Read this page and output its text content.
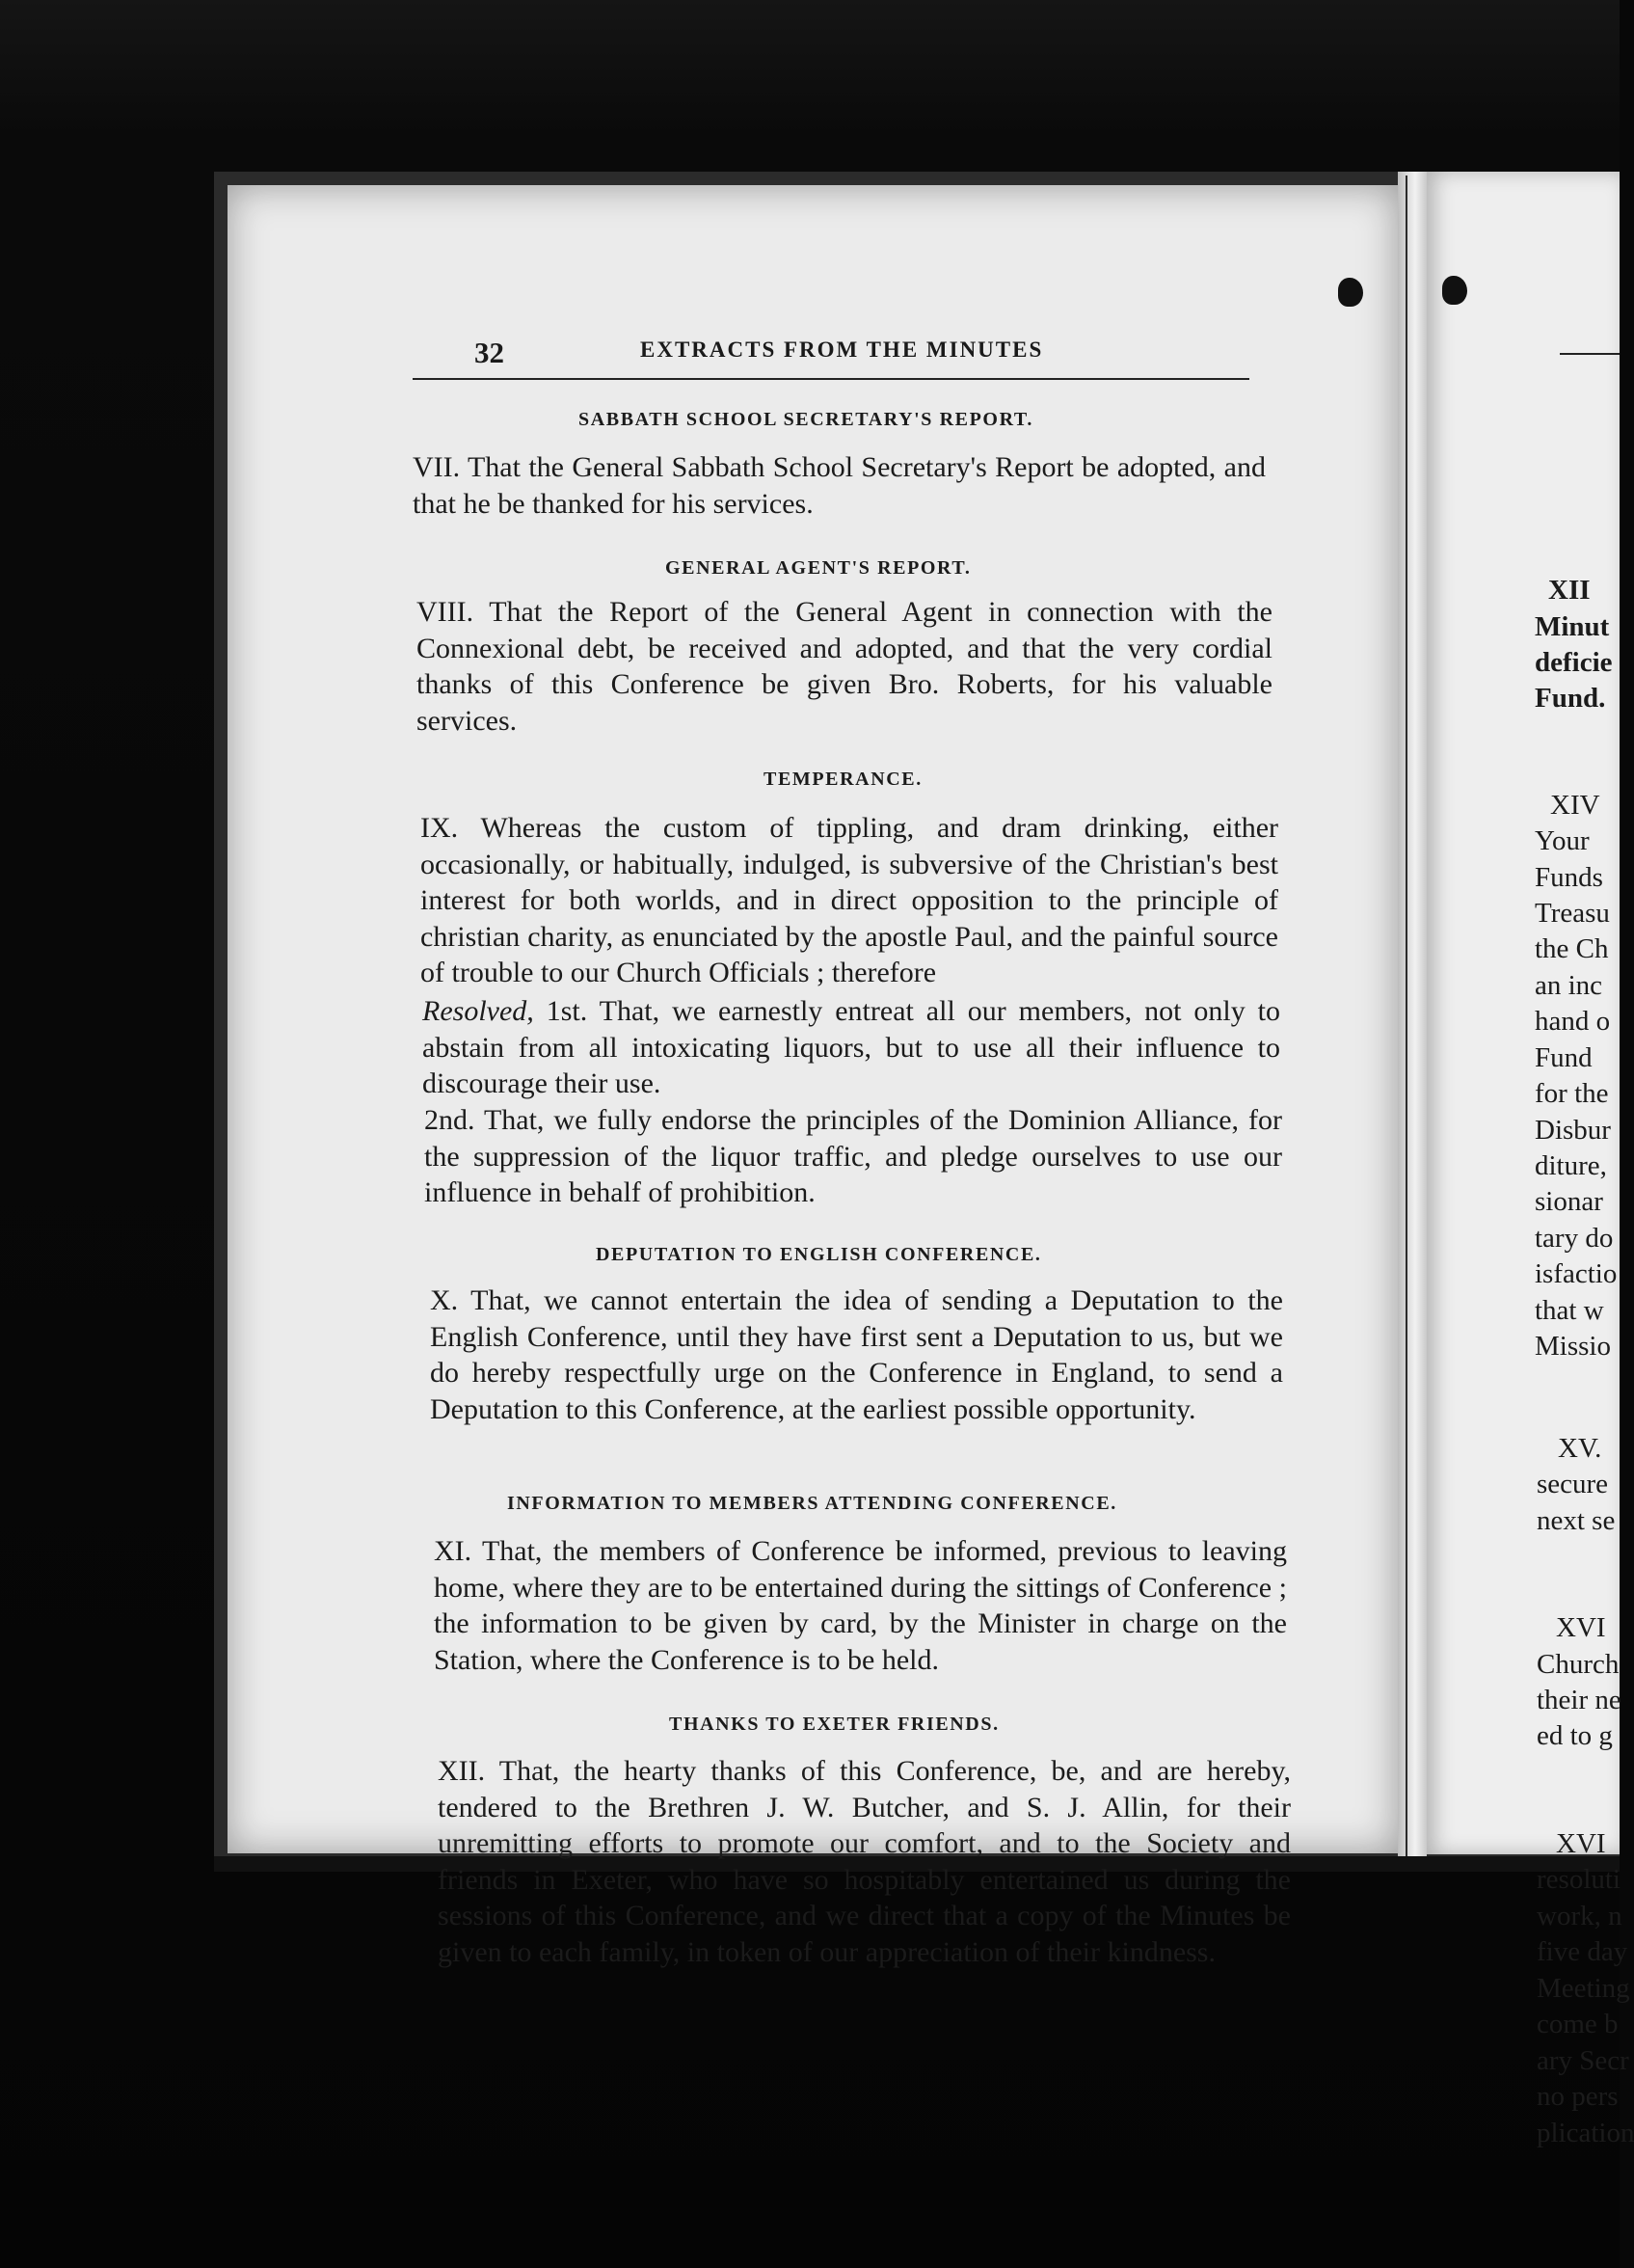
32	EXTRACTS FROM THE MINUTES
SABBATH SCHOOL SECRETARY'S REPORT.
VII. That the General Sabbath School Secretary's Report be adopted, and that he be thanked for his services.
GENERAL AGENT'S REPORT.
VIII. That the Report of the General Agent in connection with the Connexional debt, be received and adopted, and that the very cordial thanks of this Conference be given Bro. Roberts, for his valuable services.
TEMPERANCE.
IX. Whereas the custom of tippling, and dram drinking, either occasionally, or habitually, indulged, is subversive of the Christian's best interest for both worlds, and in direct opposition to the principle of christian charity, as enunciated by the apostle Paul, and the painful source of trouble to our Church Officials ; therefore
Resolved, 1st. That, we earnestly entreat all our members, not only to abstain from all intoxicating liquors, but to use all their influence to discourage their use.
2nd. That, we fully endorse the principles of the Dominion Alliance, for the suppression of the liquor traffic, and pledge ourselves to use our influence in behalf of prohibition.
DEPUTATION TO ENGLISH CONFERENCE.
X. That, we cannot entertain the idea of sending a Deputation to the English Conference, until they have first sent a Deputation to us, but we do hereby respectfully urge on the Conference in England, to send a Deputation to this Conference, at the earliest possible opportunity.
INFORMATION TO MEMBERS ATTENDING CONFERENCE.
XI. That, the members of Conference be informed, previous to leaving home, where they are to be entertained during the sittings of Conference ; the information to be given by card, by the Minister in charge on the Station, where the Conference is to be held.
THANKS TO EXETER FRIENDS.
XII. That, the hearty thanks of this Conference, be, and are hereby, tendered to the Brethren J. W. Butcher, and S. J. Allin, for their unremitting efforts to promote our comfort, and to the Society and friends in Exeter, who have so hospitably entertained us during the sessions of this Conference, and we direct that a copy of the Minutes be given to each family, in token of our appreciation of their kindness.
XII
Minut
deficie
Fund.
XIV
Your
Funds
Treasu
the Ch
an inc
hand o
Fund
for the
Disbur
diture,
sionar
tary do
isfactio
that w
Missio
XV.
secure
next se
XVI
Church
their ne
ed to g
XVI
resoluti
work, n
five day
Meeting
come b
ary Secr
no pers
plication
